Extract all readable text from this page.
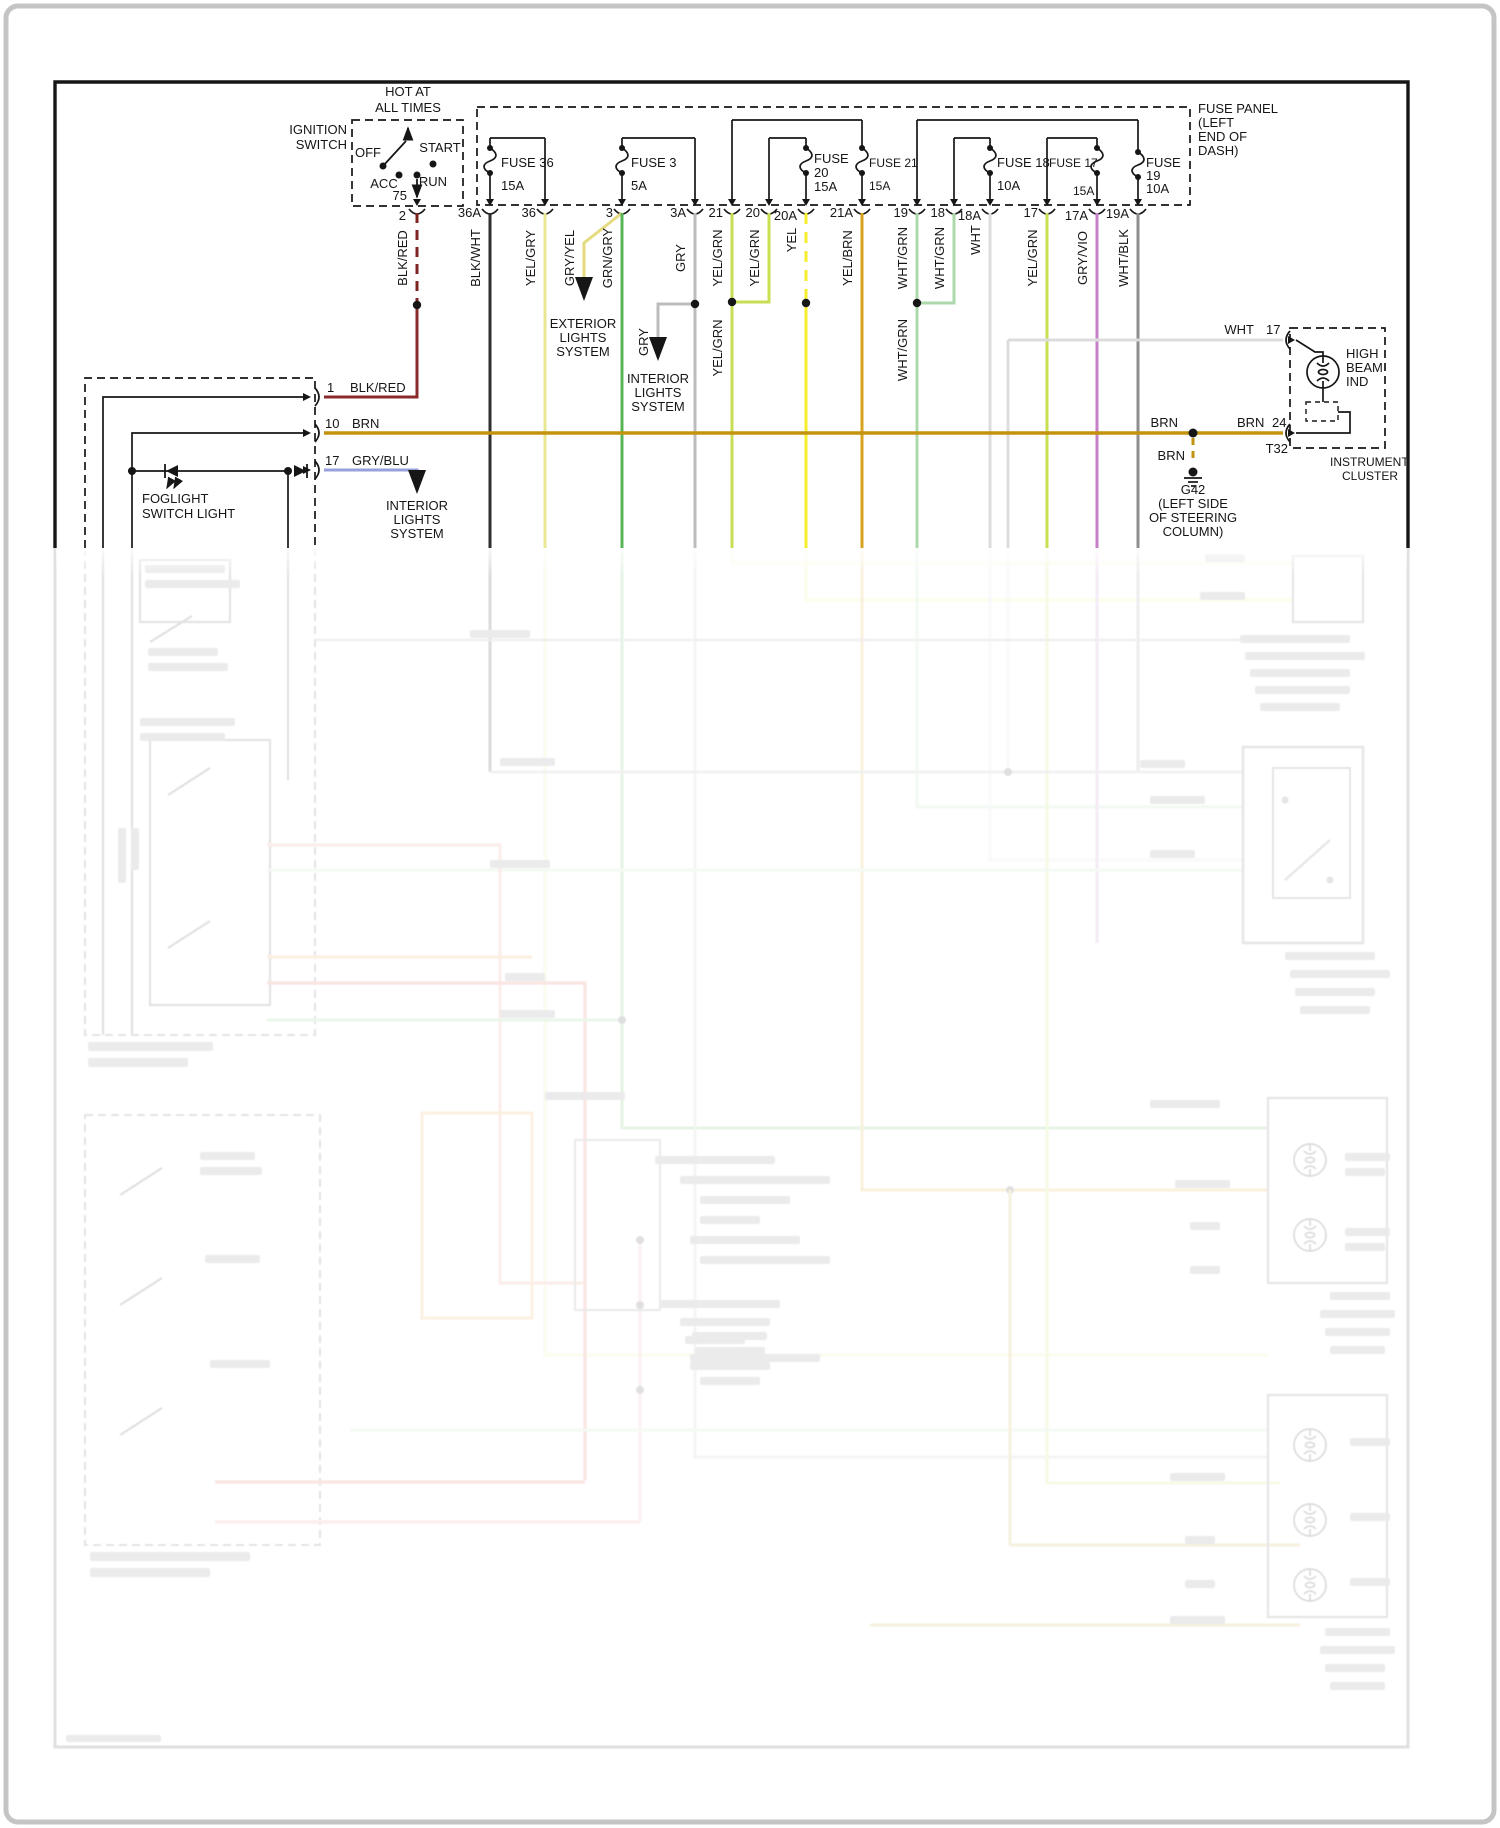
HOT AT
ALL TIMES
IGNITION
SWITCH
OFF	START
ACC RUN
75
2
FUSE PANEL
(LEFT
END OF
DASH)
FUSE 36
15A
FUSE 3
5A
FUSE
20
15A
FUSE 21
15A
FUSE 18
10A
FUSE 17
15A
FUSE
19
10A
36A	36	3	3A 21 20 20A	21A	19 18 18A	17 17A 19A
BLK/WHT	YEL/GRY GRY/YEL GRN/GRY	GRY YEL/GRN YEL/GRN YEL	YEL/BRN	WHT/GRN WHT/GRN WHT	YEL/GRN	GRY/VIO WHT/BLK
GRY	YEL/GRN	WHT/GRN
BLK/RED
EXTERIOR
LIGHTS
SYSTEM
INTERIOR
LIGHTS
SYSTEM
INTERIOR
LIGHTS
SYSTEM
FOGLIGHT
SWITCH LIGHT
1 BLK/RED
10 BRN
17 GRY/BLU
BRN	BRN 24
WHT 17
BRN
G42
(LEFT SIDE
OF STEERING
COLUMN)
HIGH
BEAM
IND
T32
INSTRUMENT
CLUSTER
